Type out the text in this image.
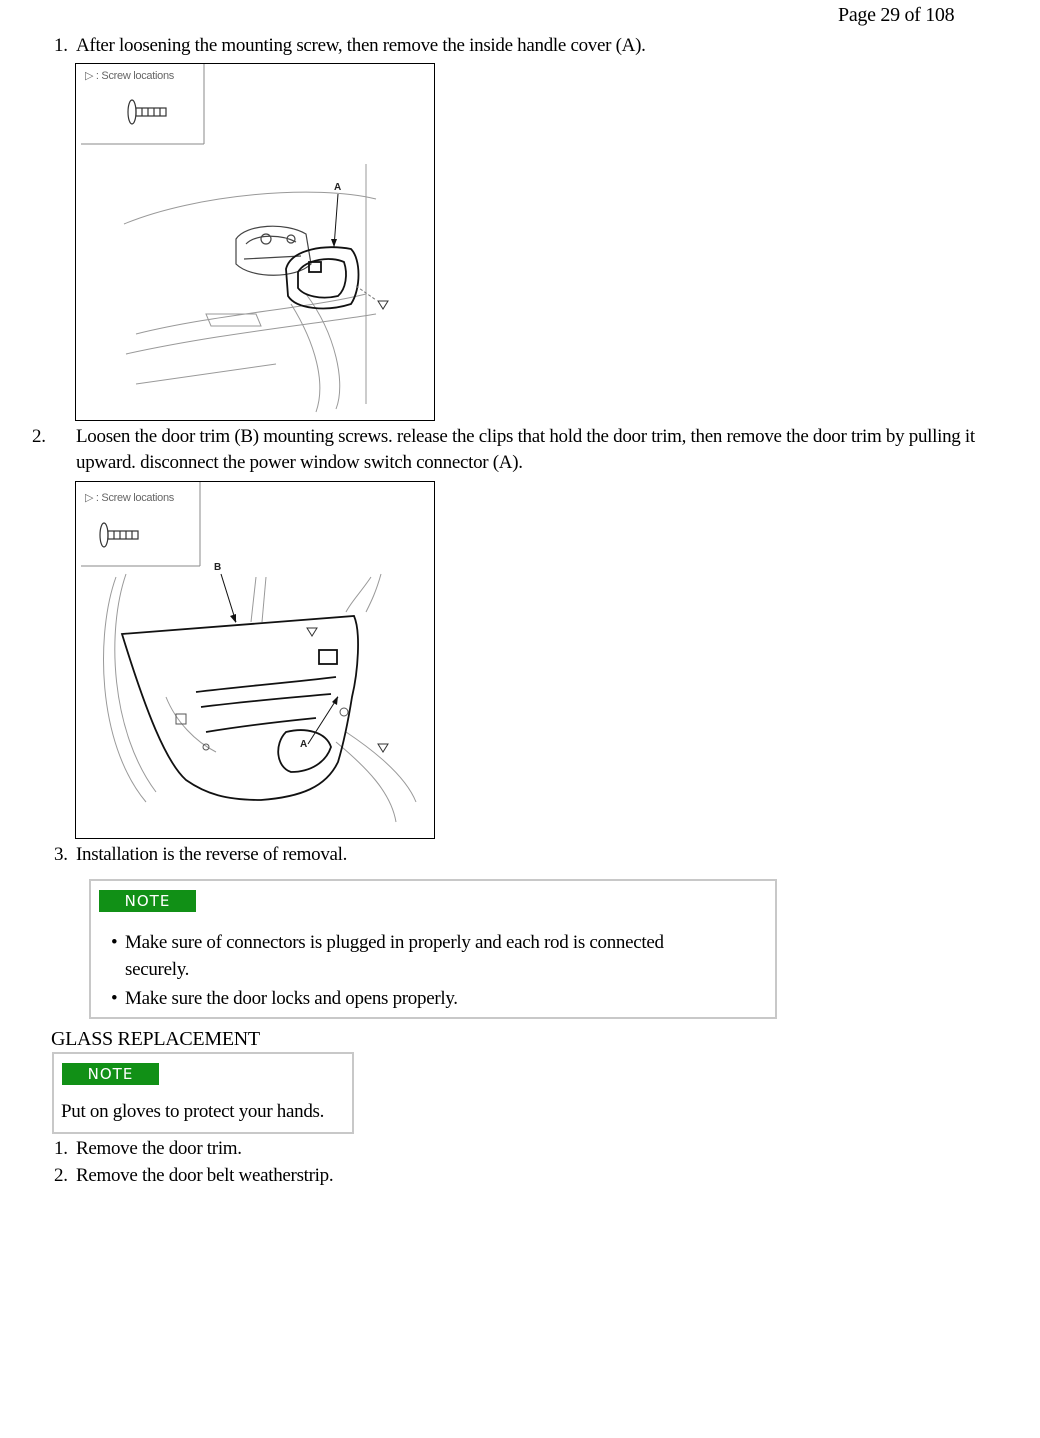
Page 29 of 108
1. After loosening the mounting screw, then remove the inside handle cover (A).
▷ : Screw locations
A
2. Loosen the door trim (B) mounting screws. release the clips that hold the door trim, then remove the door trim by pulling it upward. disconnect the power window switch connector (A).
▷ : Screw locations
B
A
3. Installation is the reverse of removal.
NOTE
• Make sure of connectors is plugged in properly and each rod is connected securely.
• Make sure the door locks and opens properly.
GLASS REPLACEMENT
NOTE
Put on gloves to protect your hands.
1. Remove the door trim.
2. Remove the door belt weatherstrip.
